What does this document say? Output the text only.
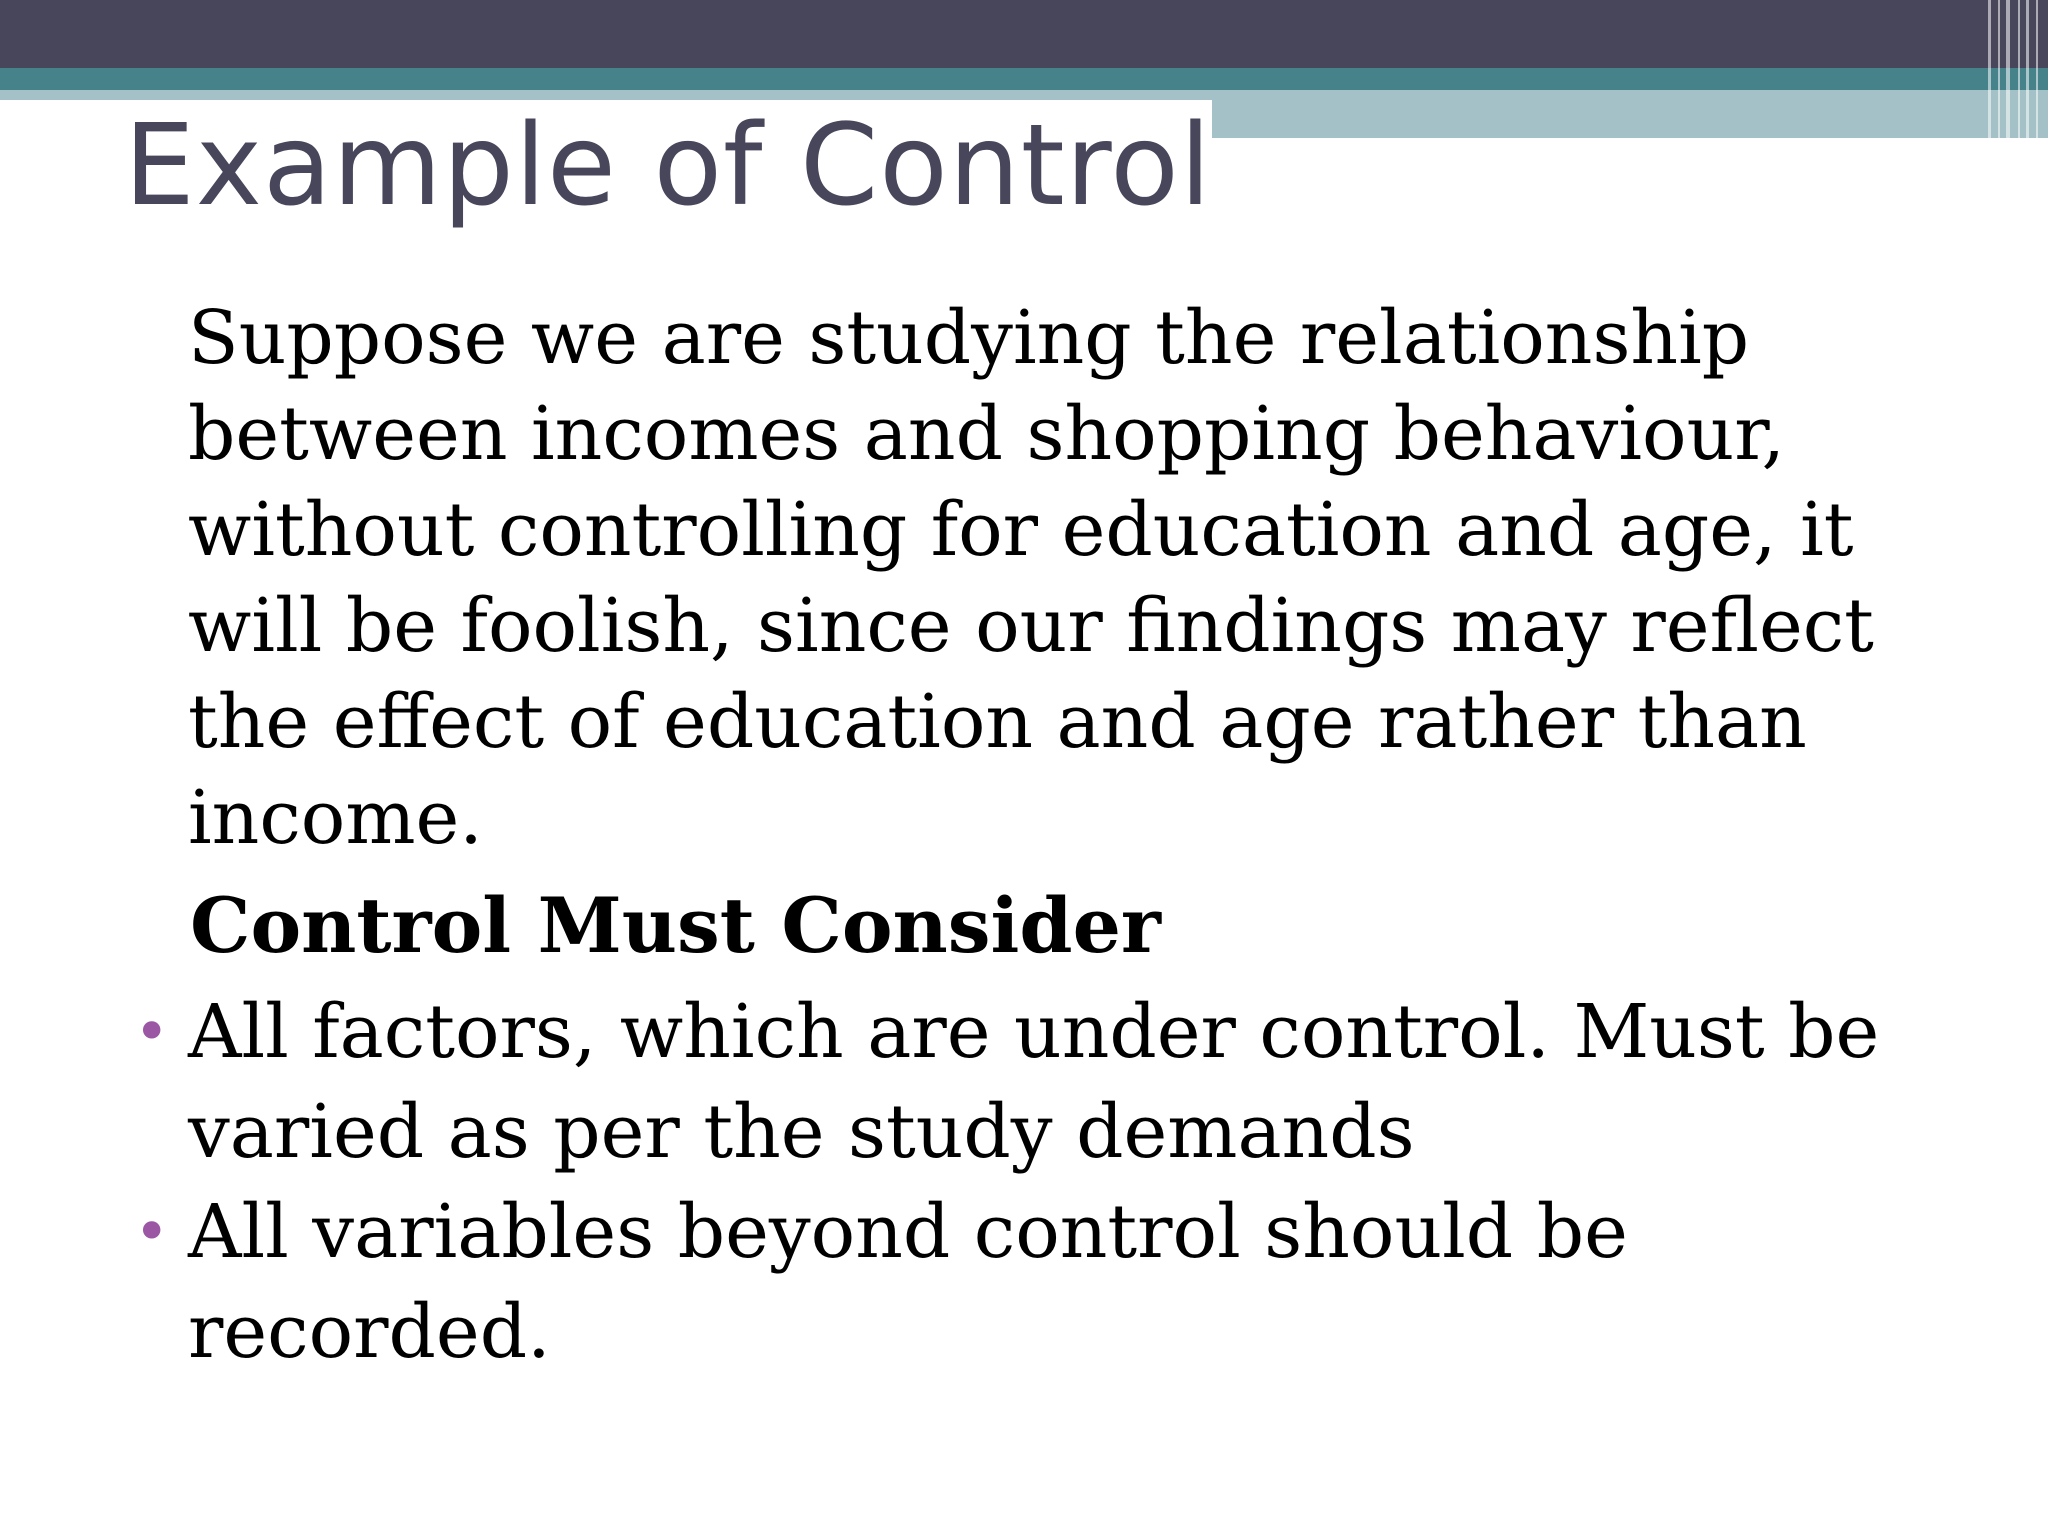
Example of Control
Suppose we are studying the relationship between incomes and shopping behaviour, without controlling for education and age, it will be foolish, since our findings may reflect the effect of education and age rather than income.
Control Must Consider
• All factors, which are under control. Must be varied as per the study demands
• All variables beyond control should be recorded.
